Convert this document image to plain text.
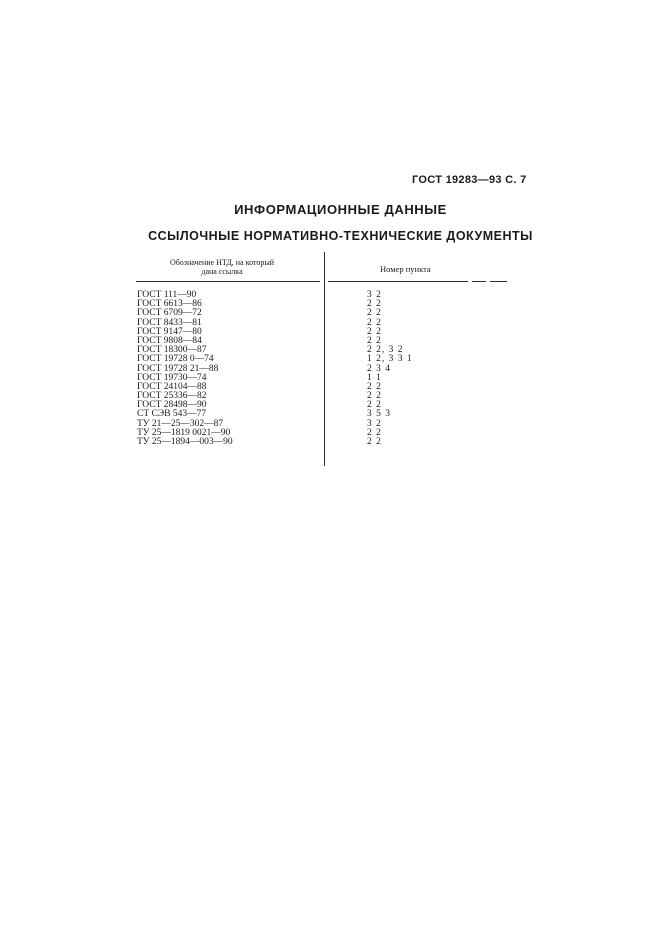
ГОСТ 19283—93 С. 7
ИНФОРМАЦИОННЫЕ ДАННЫЕ
ССЫЛОЧНЫЕ НОРМАТИВНО-ТЕХНИЧЕСКИЕ ДОКУМЕНТЫ
Обозначение НТД, на который
дана ссылка	Номер пункта
ГОСТ 111—90	3 2
ГОСТ 6613—86	2 2
ГОСТ 6709—72	2 2
ГОСТ 8433—81	2 2
ГОСТ 9147—80	2 2
ГОСТ 9808—84	2 2
ГОСТ 18300—87	2 2, 3 2
ГОСТ 19728 0—74	1 2, 3 3 1
ГОСТ 19728 21—88	2 3 4
ГОСТ 19730—74	1 1
ГОСТ 24104—88	2 2
ГОСТ 25336—82	2 2
ГОСТ 28498—90	2 2
СТ СЭВ 543—77	3 5 3
ТУ 21—25—302—87	3 2
ТУ 25—1819 0021—90	2 2
ТУ 25—1894—003—90	2 2
